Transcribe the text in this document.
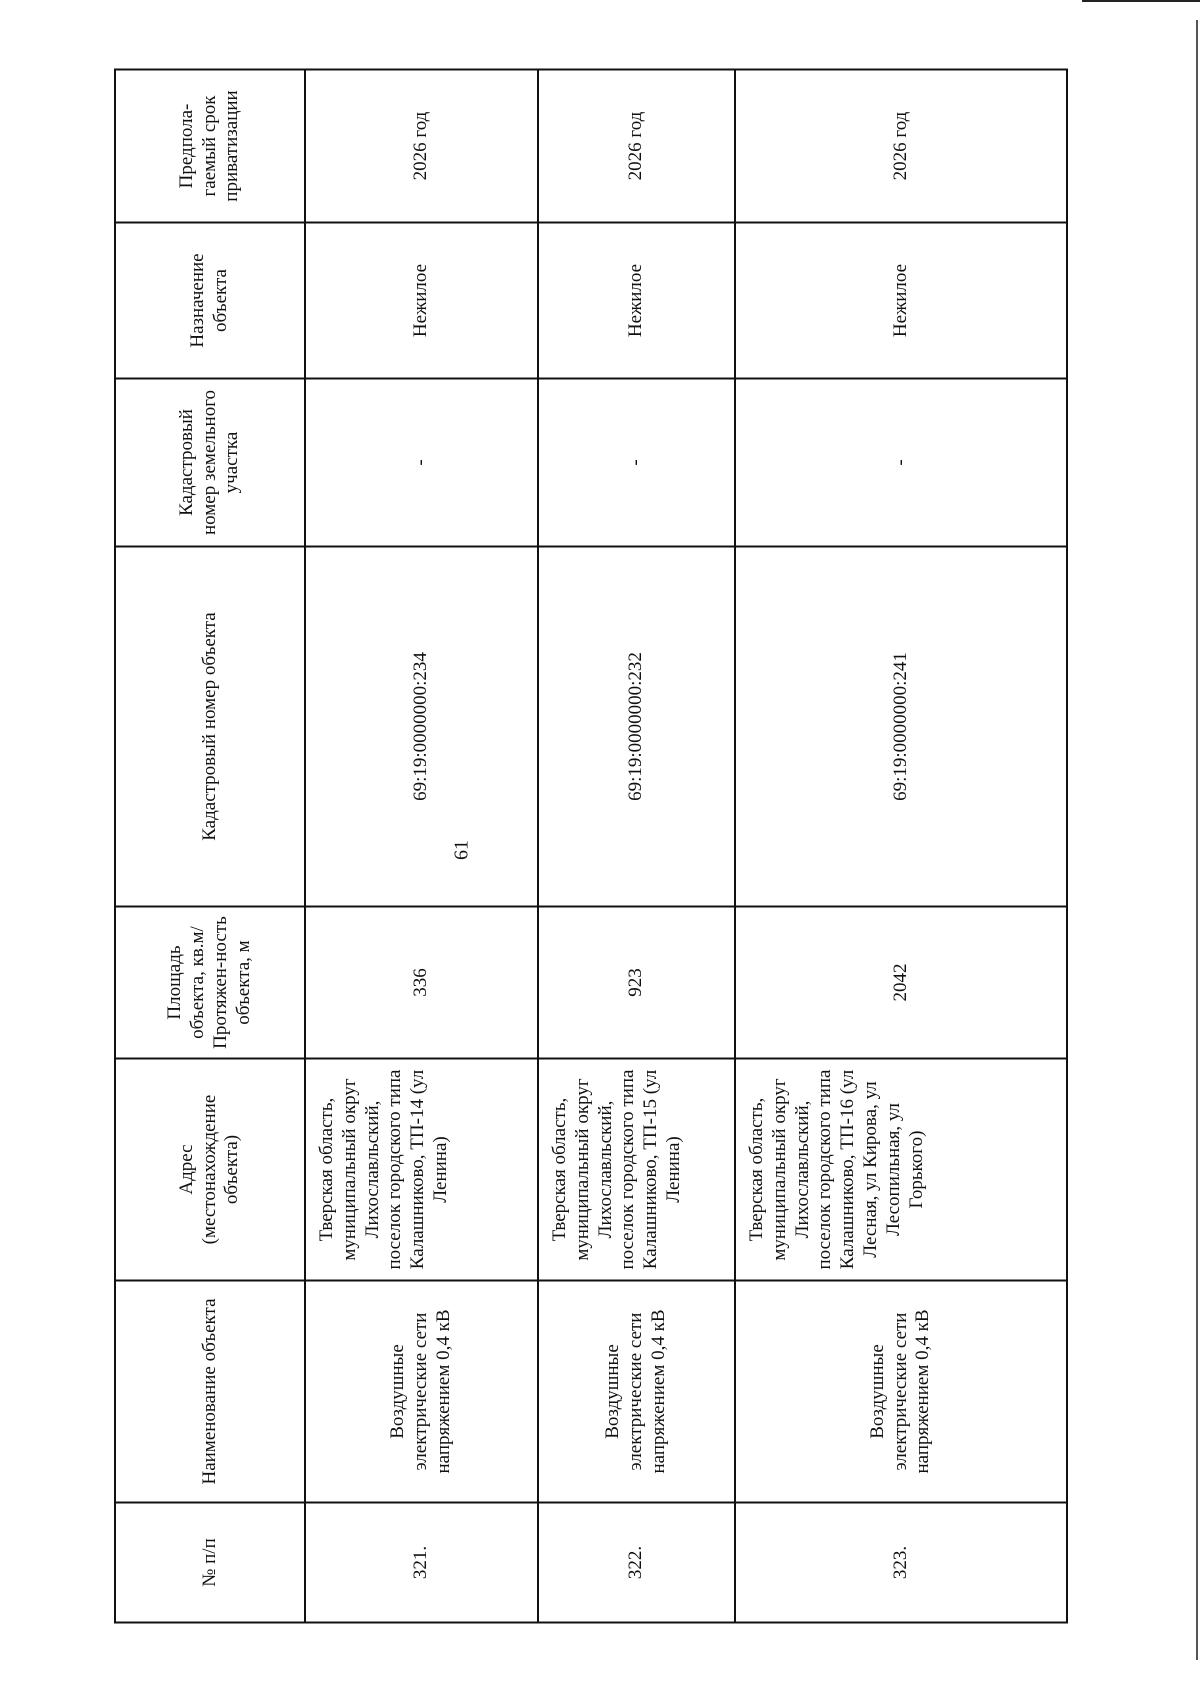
61
№ п/п	Наименование объекта	Адрес (местонахождение объекта)	Площадь объекта, кв.м/ Протяжен-ность объекта, м	Кадастровый номер объекта	Кадастровый номер земельного участка	Назначение объекта	Предпола-гаемый срок приватизации
321.	Воздушные электрические сети напряжением 0,4 кВ	Тверская область, муниципальный округ Лихославльский, поселок городского типа Калашниково, ТП-14 (ул Ленина)	336	69:19:0000000:234	-	Нежилое	2026 год
322.	Воздушные электрические сети напряжением 0,4 кВ	Тверская область, муниципальный округ Лихославльский, поселок городского типа Калашниково, ТП-15 (ул Ленина)	923	69:19:0000000:232	-	Нежилое	2026 год
323.	Воздушные электрические сети напряжением 0,4 кВ	Тверская область, муниципальный округ Лихославльский, поселок городского типа Калашниково, ТП-16 (ул Лесная, ул Кирова, ул Лесопильная, ул Горького)	2042	69:19:0000000:241	-	Нежилое	2026 год
